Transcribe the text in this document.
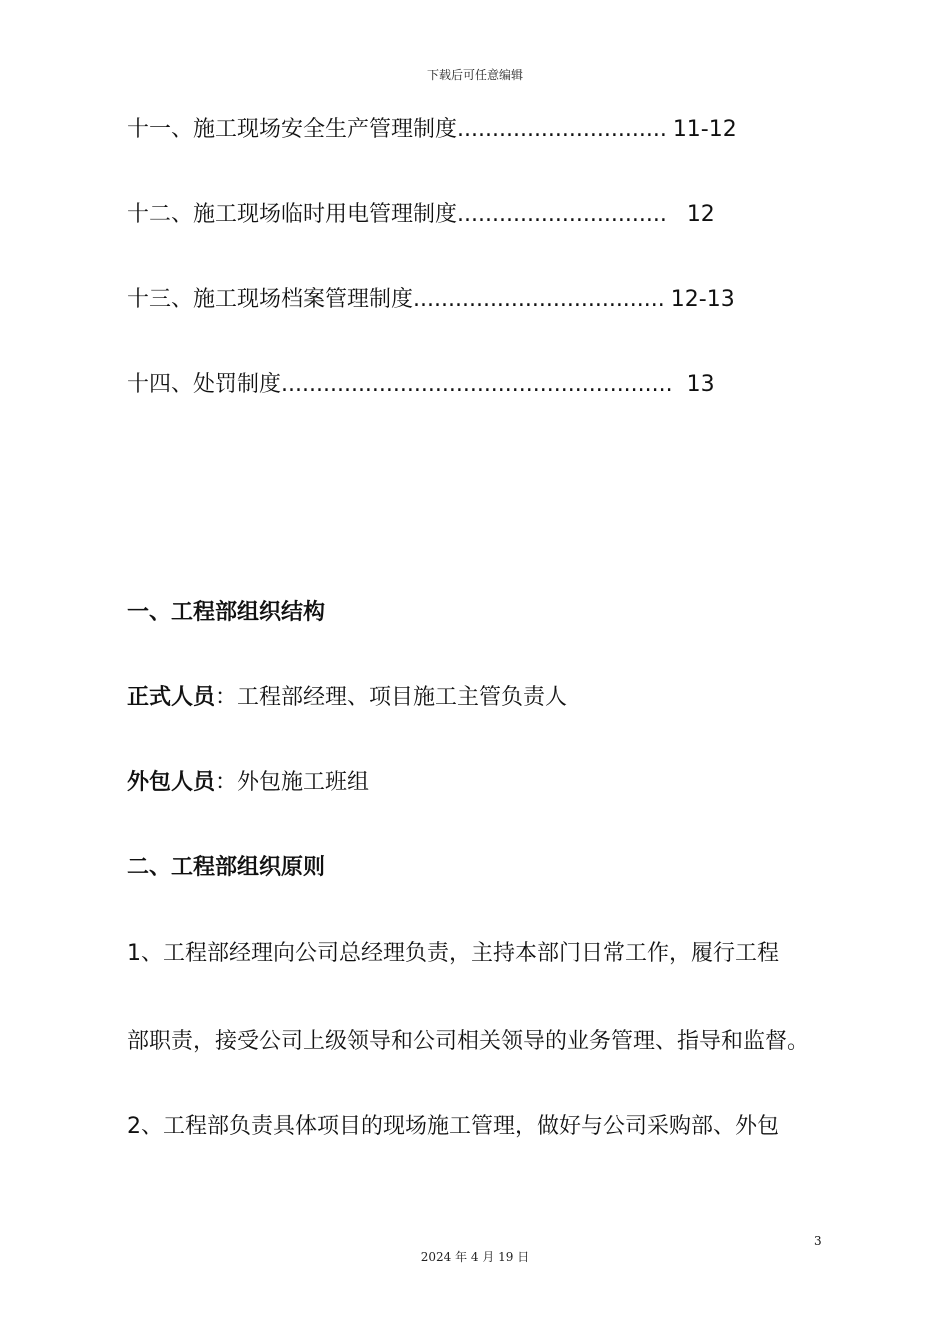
下载后可任意编辑
十一、施工现场安全生产管理制度.............................. 11-12
十二、施工现场临时用电管理制度.............................. 12
十三、施工现场档案管理制度.................................... 12-13
十四、处罚制度........................................................ 13
一、工程部组织结构
正式人员：工程部经理、项目施工主管负责人
外包人员：外包施工班组
二、工程部组织原则
1、工程部经理向公司总经理负责，主持本部门日常工作，履行工程
部职责，接受公司上级领导和公司相关领导的业务管理、指导和监督。
2、工程部负责具体项目的现场施工管理，做好与公司采购部、外包
3
2024 年 4 月 19 日
